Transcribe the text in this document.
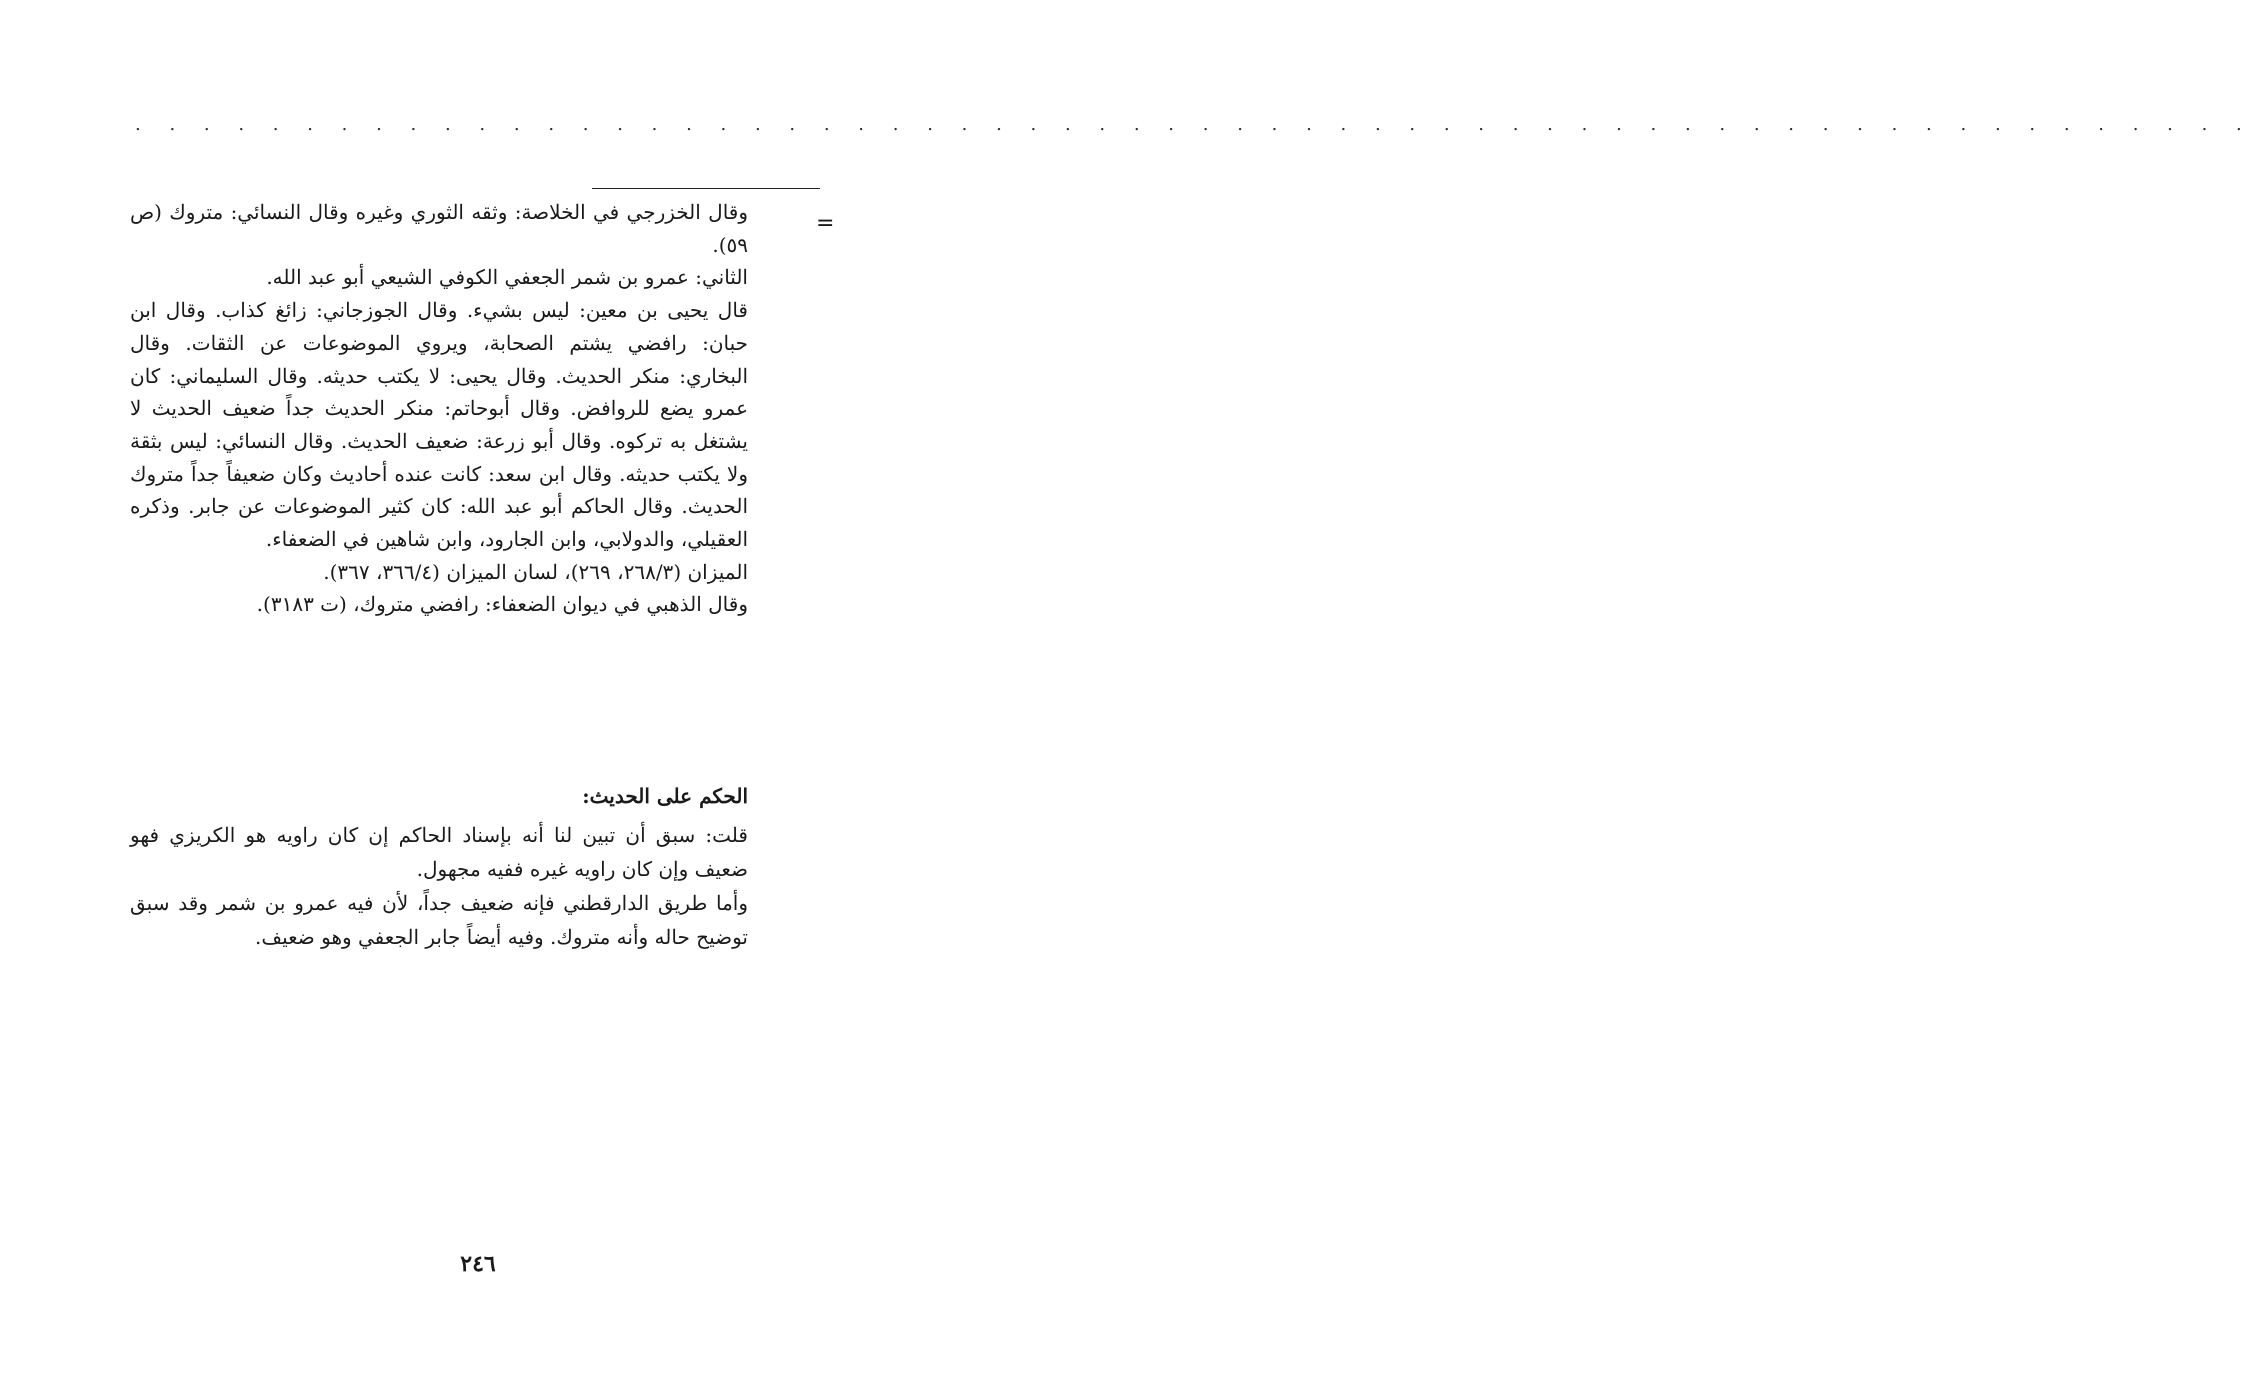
. . . . . . . . . . . . . . . . . . . . . . . . . . . . . . . . . . . . . . . . . . . . . . . . . . . . . . . . . . . . . .
=

وقال الخزرجي في الخلاصة: وثقه الثوري وغيره وقال النسائي: متروك (ص ٥٩).

الثاني: عمرو بن شمر الجعفي الكوفي الشيعي أبو عبد الله.

قال يحيى بن معين: ليس بشيء. وقال الجوزجاني: زائغ كذاب. وقال ابن حبان: رافضي يشتم الصحابة، ويروي الموضوعات عن الثقات. وقال البخاري: منكر الحديث. وقال يحيى: لا يكتب حديثه. وقال السليماني: كان عمرو يضع للروافض. وقال أبوحاتم: منكر الحديث جداً ضعيف الحديث لا يشتغل به تركوه. وقال أبو زرعة: ضعيف الحديث. وقال النسائي: ليس بثقة ولا يكتب حديثه. وقال ابن سعد: كانت عنده أحاديث وكان ضعيفاً جداً متروك الحديث. وقال الحاكم أبو عبد الله: كان كثير الموضوعات عن جابر. وذكره العقيلي، والدولابي، وابن الجارود، وابن شاهين في الضعفاء.

الميزان (٢٦٨/٣، ٢٦٩)، لسان الميزان (٣٦٦/٤، ٣٦٧).

وقال الذهبي في ديوان الضعفاء: رافضي متروك، (ت ٣١٨٣).

الحكم على الحديث:

قلت: سبق أن تبين لنا أنه بإسناد الحاكم إن كان راويه هو الكريزي فهو ضعيف وإن كان راويه غيره ففيه مجهول.

وأما طريق الدارقطني فإنه ضعيف جداً، لأن فيه عمرو بن شمر وقد سبق توضيح حاله وأنه متروك. وفيه أيضاً جابر الجعفي وهو ضعيف.

٢٤٦
